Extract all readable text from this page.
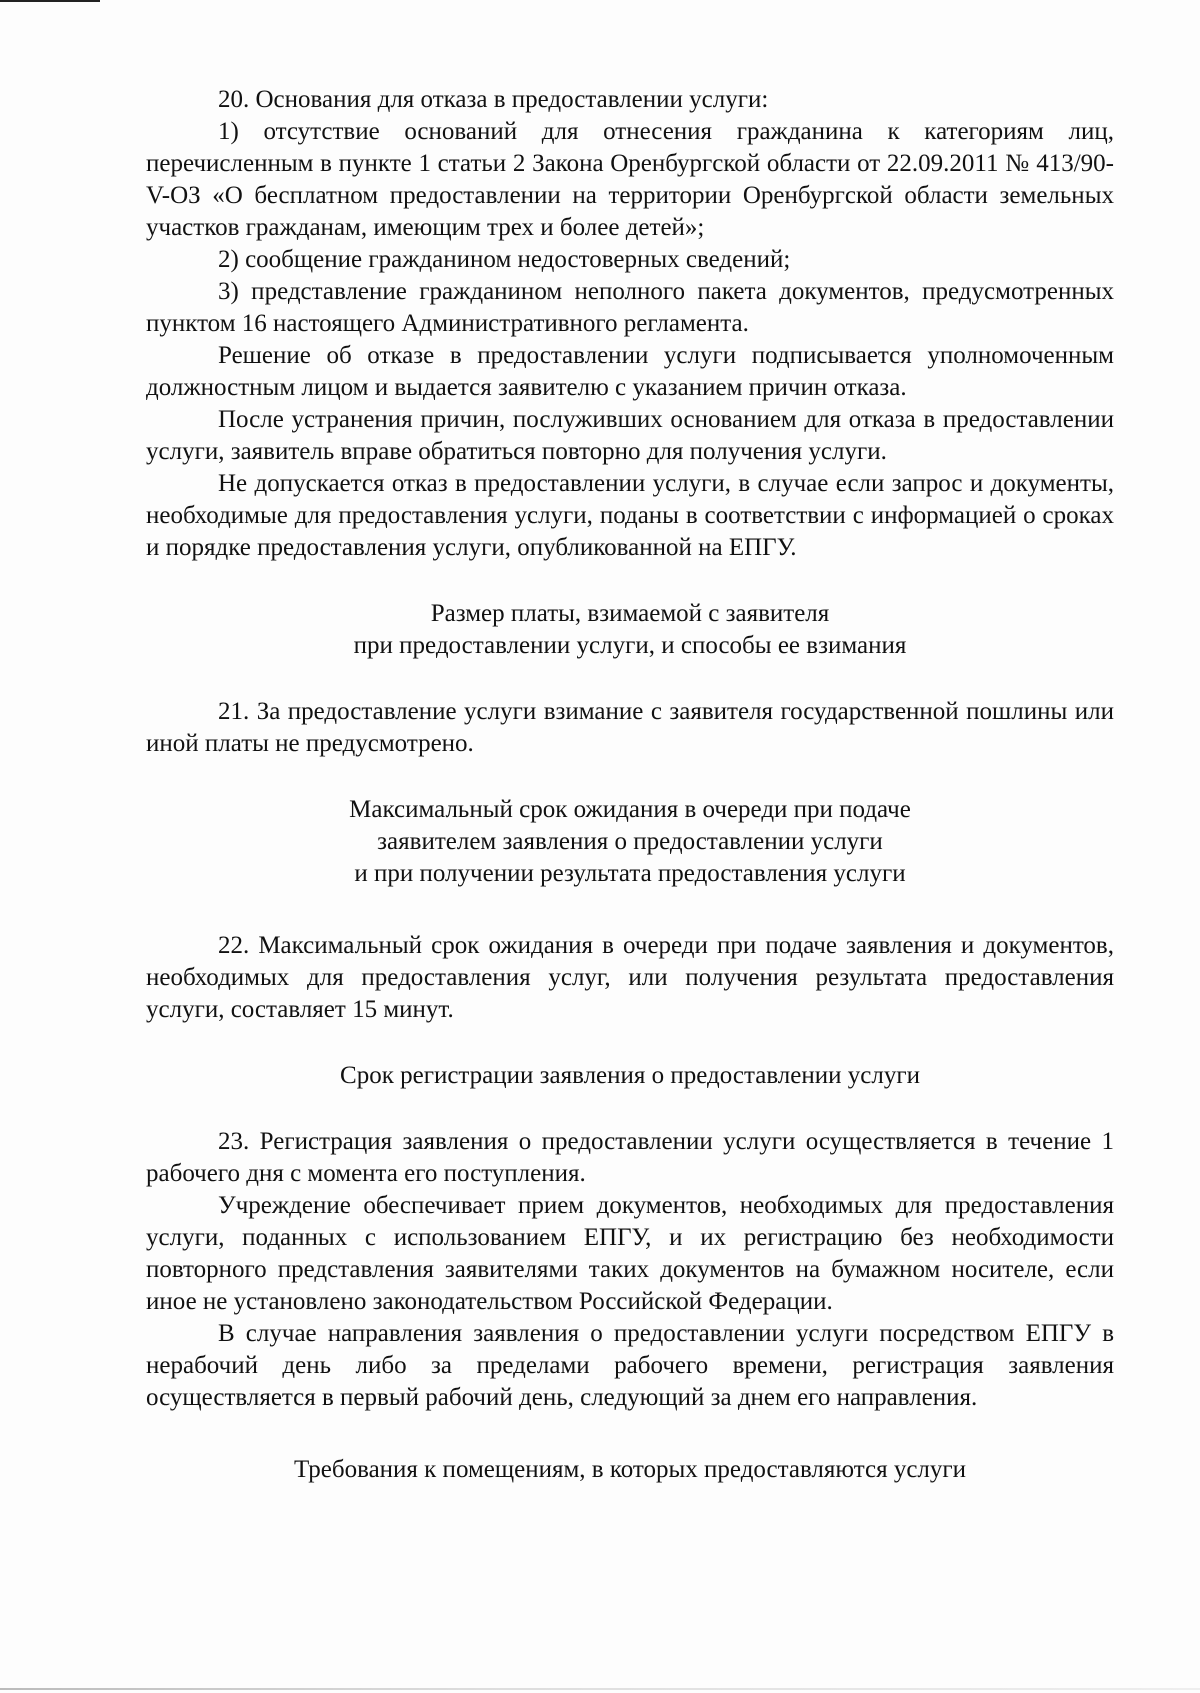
20. Основания для отказа в предоставлении услуги:

1) отсутствие оснований для отнесения гражданина к категориям лиц, перечисленным в пункте 1 статьи 2 Закона Оренбургской области от 22.09.2011 № 413/90-V-ОЗ «О бесплатном предоставлении на территории Оренбургской области земельных участков гражданам, имеющим трех и более детей»;

2) сообщение гражданином недостоверных сведений;

3) представление гражданином неполного пакета документов, предусмотренных пунктом 16 настоящего Административного регламента.

Решение об отказе в предоставлении услуги подписывается уполномоченным должностным лицом и выдается заявителю с указанием причин отказа.

После устранения причин, послуживших основанием для отказа в предоставлении услуги, заявитель вправе обратиться повторно для получения услуги.

Не допускается отказ в предоставлении услуги, в случае если запрос и документы, необходимые для предоставления услуги, поданы в соответствии с информацией о сроках и порядке предоставления услуги, опубликованной на ЕПГУ.

Размер платы, взимаемой с заявителя
при предоставлении услуги, и способы ее взимания

21. За предоставление услуги взимание с заявителя государственной пошлины или иной платы не предусмотрено.

Максимальный срок ожидания в очереди при подаче
заявителем заявления о предоставлении услуги
и при получении результата предоставления услуги

22. Максимальный срок ожидания в очереди при подаче заявления и документов, необходимых для предоставления услуг, или получения результата предоставления услуги, составляет 15 минут.

Срок регистрации заявления о предоставлении услуги

23. Регистрация заявления о предоставлении услуги осуществляется в течение 1 рабочего дня с момента его поступления.

Учреждение обеспечивает прием документов, необходимых для предоставления услуги, поданных с использованием ЕПГУ, и их регистрацию без необходимости повторного представления заявителями таких документов на бумажном носителе, если иное не установлено законодательством Российской Федерации.

В случае направления заявления о предоставлении услуги посредством ЕПГУ в нерабочий день либо за пределами рабочего времени, регистрация заявления осуществляется в первый рабочий день, следующий за днем его направления.

Требования к помещениям, в которых предоставляются услуги
